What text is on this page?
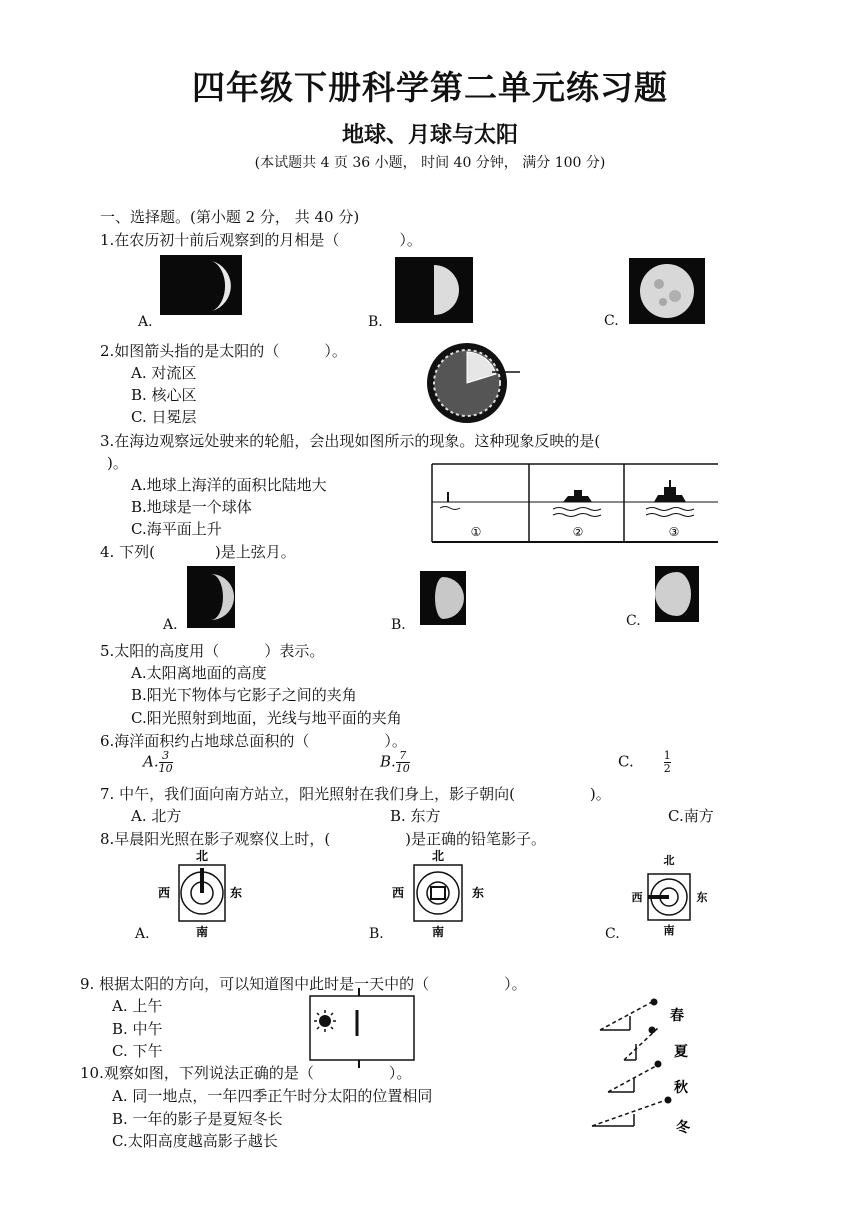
四年级下册科学第二单元练习题
地球、月球与太阳
(本试题共 4 页 36 小题， 时间 40 分钟， 满分 100 分)
一、选择题。(第小题 2 分， 共 40 分)
1.在农历初十前后观察到的月相是（　　　　）。
A.	B.	C.
2.如图箭头指的是太阳的（　　　）。
A. 对流区
B. 核心区
C. 日冕层
3.在海边观察远处驶来的轮船，会出现如图所示的现象。这种现象反映的是(
)。
A.地球上海洋的面积比陆地大
B.地球是一个球体
C.海平面上升	①	②	③
4. 下列(　　　　)是上弦月。
A.	B.	C.
5.太阳的高度用（　　　）表示。
A.太阳离地面的高度
B.阳光下物体与它影子之间的夹角
C.阳光照射到地面，光线与地平面的夹角
6.海洋面积约占地球总面积的（　　　　　）。
A. $\frac{3}{10}$	B. $\frac{7}{10}$	C.	$\frac{1}{2}$
7. 中午，我们面向南方站立，阳光照射在我们身上，影子朝向(　　　　　)。
A. 北方	B. 东方	C.南方
8.早晨阳光照在影子观察仪上时，(　　　　　)是正确的铅笔影子。
北
西	东
南
A.
北
西	东
南
B.
北
西	东
南
C.
9. 根据太阳的方向，可以知道图中此时是一天中的（　　　　　）。
A. 上午
B. 中午
C. 下午
10.观察如图，下列说法正确的是（　　　　　）。
A. 同一地点，一年四季正午时分太阳的位置相同
B. 一年的影子是夏短冬长
C.太阳高度越高影子越长
春
夏
秋
冬
